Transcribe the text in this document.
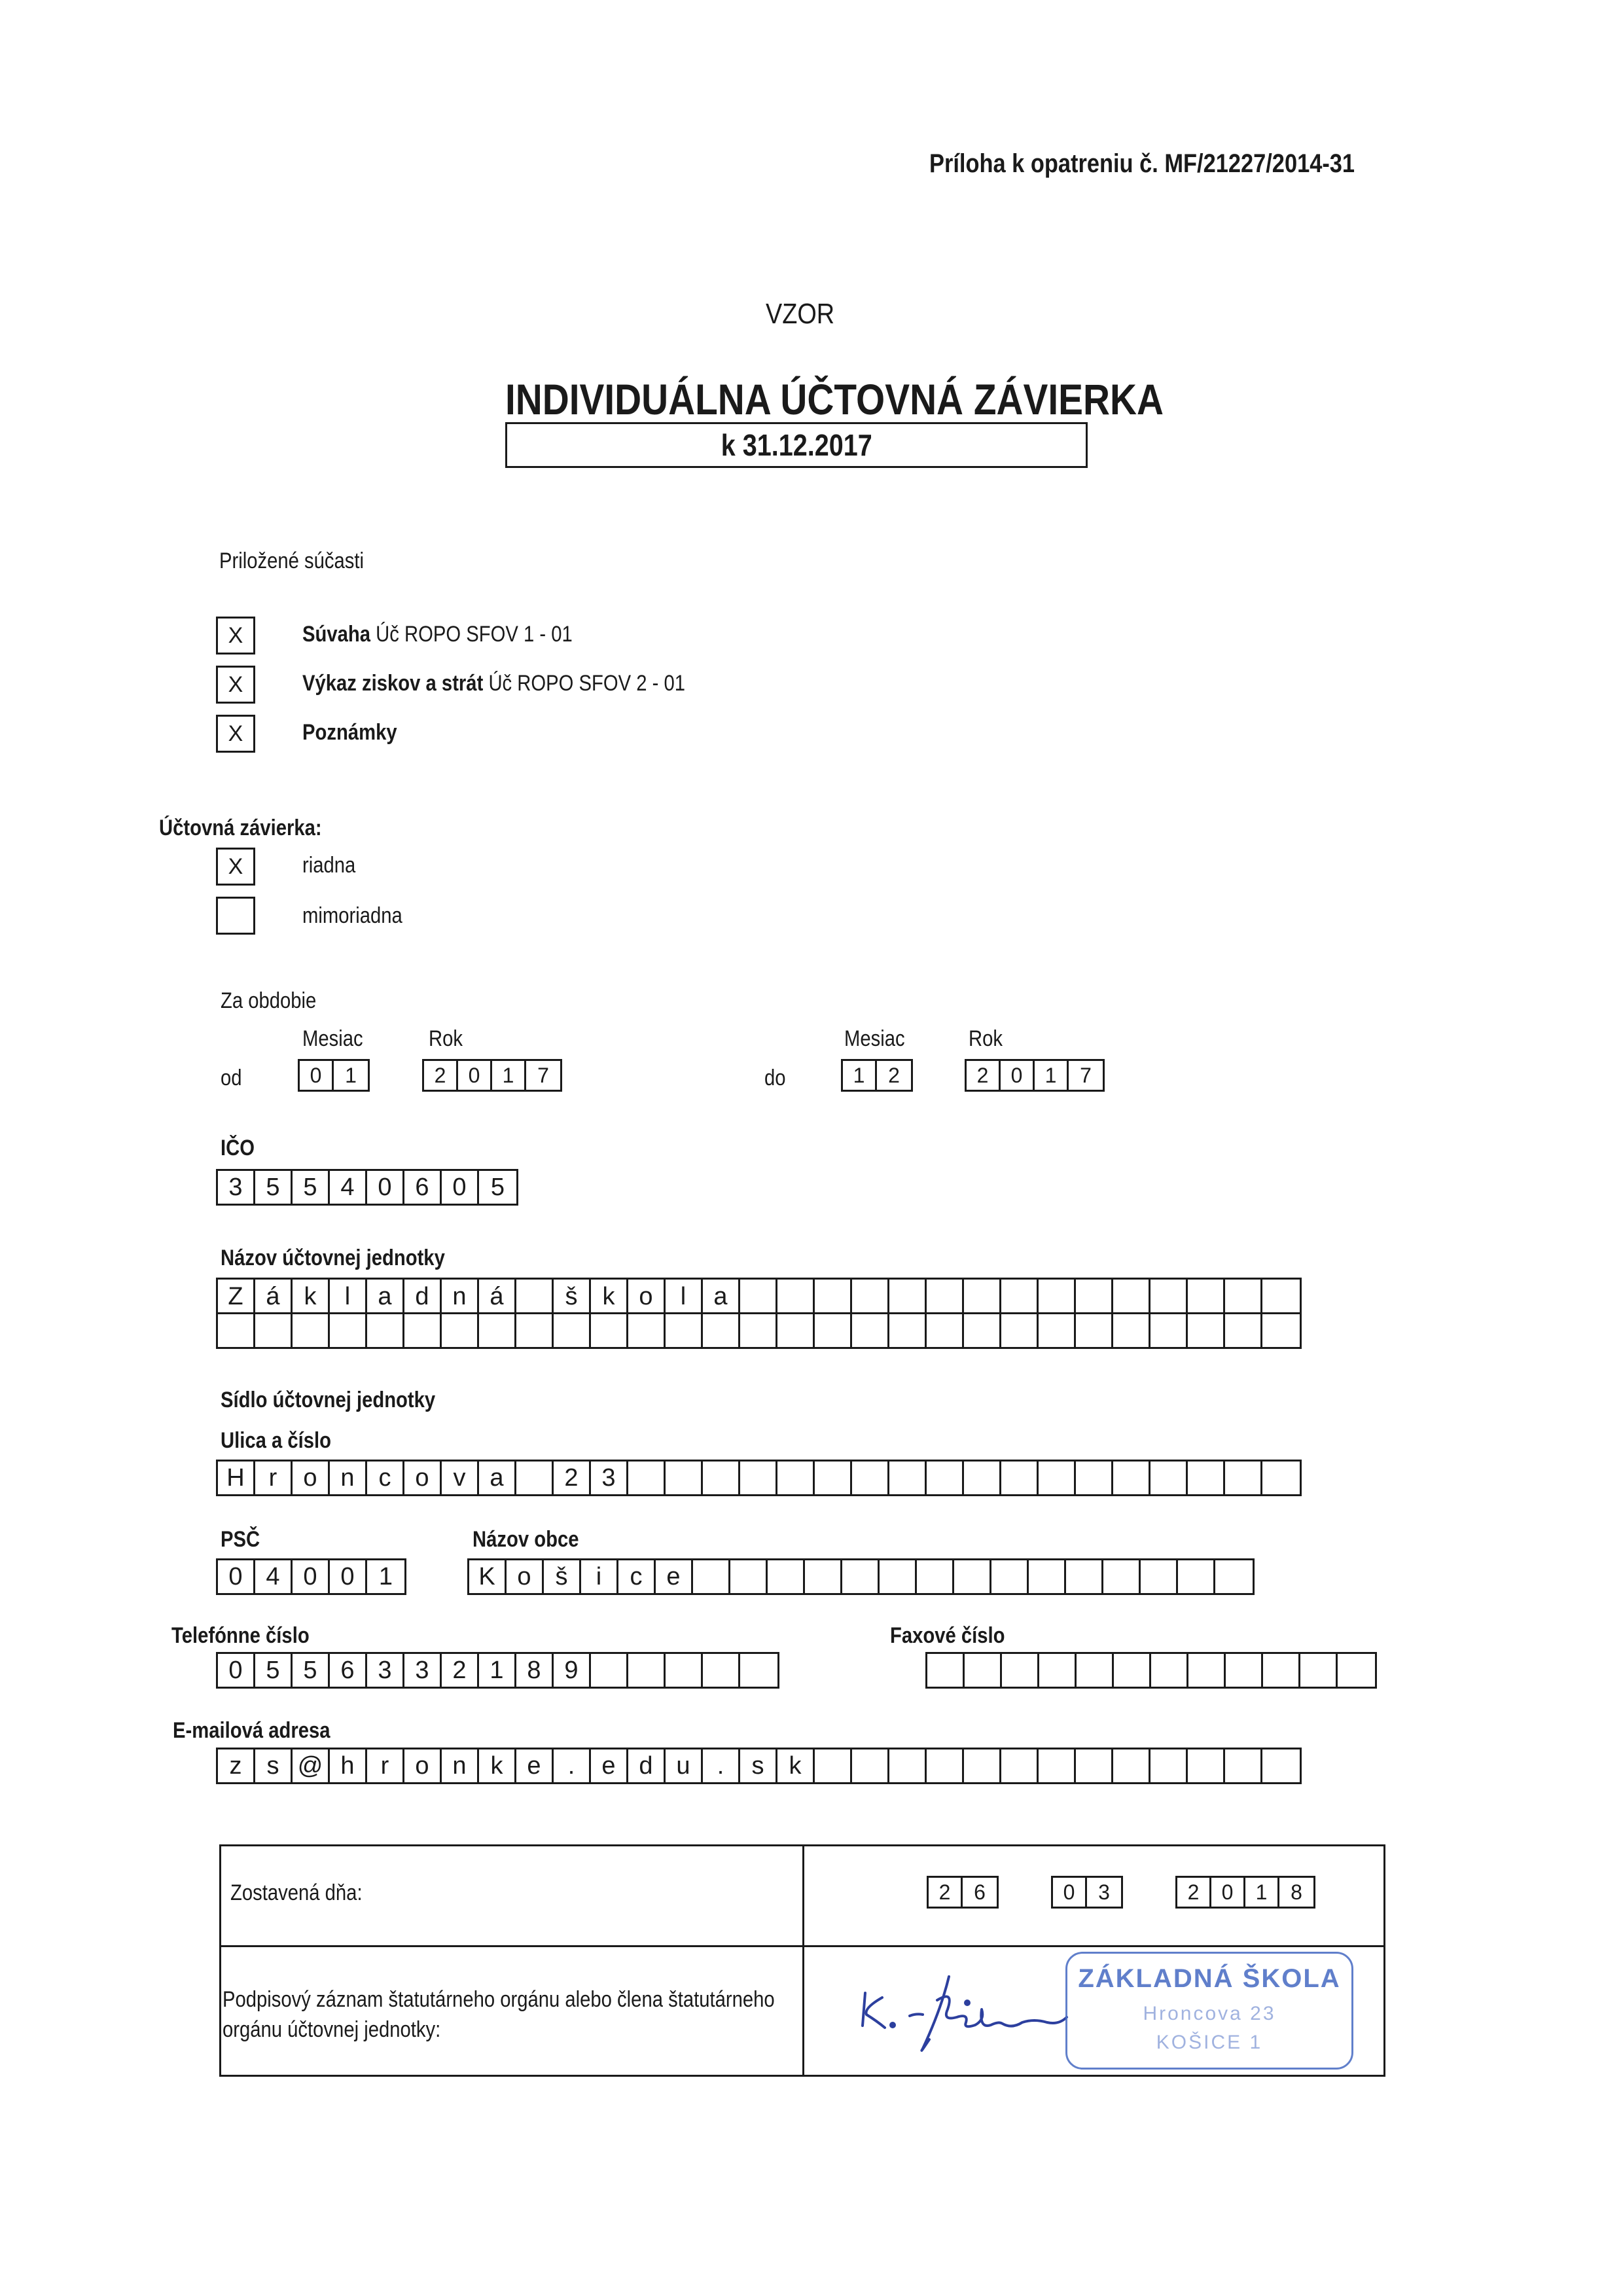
Príloha k opatreniu č. MF/21227/2014-31
VZOR
INDIVIDUÁLNA ÚČTOVNÁ ZÁVIERKA
k 31.12.2017
Priložené súčasti
X	Súvaha Úč ROPO SFOV 1 - 01
X	Výkaz ziskov a strát Úč ROPO SFOV 2 - 01
X	Poznámky
Účtovná závierka:
X	riadna
mimoriadna
Za obdobie
Mesiac	Rok	Mesiac	Rok
od	0	1	2	0	1	7	do	1	2	2	0	1	7
IČO
3 5 5 4 0 6 0 5
Názov účtovnej jednotky
Z á k	l	a d n á	š	k o	l	a
Sídlo účtovnej jednotky
Ulica a číslo
H r	o n c o v a	2 3
PSČ	Názov obce
0 4 0 0 1	K o š	i	c e
Telefónne číslo	Faxové číslo
0 5 5 6 3 3 2 1 8 9
E-mailová adresa
z	s @ h	r	o n k e	.	e d u	.	s	k
Zostavená dňa:	2	6	0	3	2	0	1	8
Podpisový záznam štatutárneho orgánu alebo člena štatutárneho
orgánu účtovnej jednotky:
ZÁKLADNÁ ŠKOLA
Hroncova 23
KOŠICE 1
